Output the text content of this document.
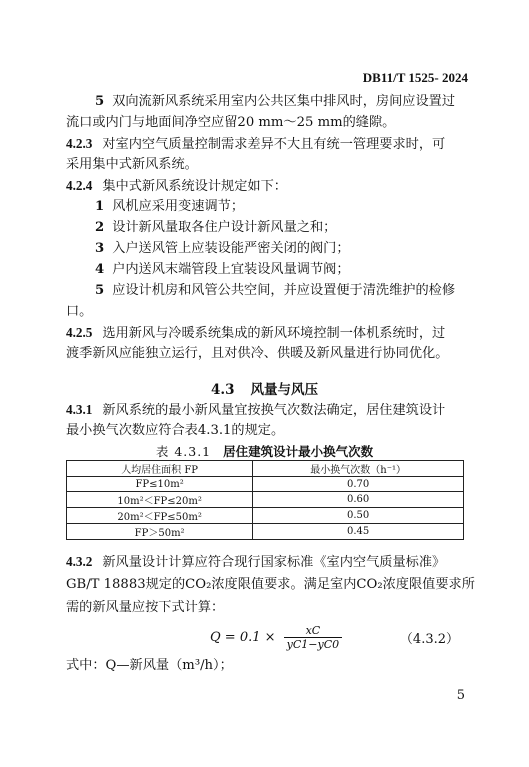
DB11/T 1525- 2024
5 双向流新风系统采用室内公共区集中排风时，房间应设置过
流口或内门与地面间净空应留20 mm～25 mm的缝隙。
4.2.3 对室内空气质量控制需求差异不大且有统一管理要求时，可
采用集中式新风系统。
4.2.4 集中式新风系统设计规定如下：
1 风机应采用变速调节；
2 设计新风量取各住户设计新风量之和；
3 入户送风管上应装设能严密关闭的阀门；
4 户内送风末端管段上宜装设风量调节阀；
5 应设计机房和风管公共空间，并应设置便于清洗维护的检修
口。
4.2.5 选用新风与冷暖系统集成的新风环境控制一体机系统时，过
渡季新风应能独立运行，且对供冷、供暖及新风量进行协同优化。
4.3 风量与风压
4.3.1 新风系统的最小新风量宜按换气次数法确定，居住建筑设计
最小换气次数应符合表4.3.1的规定。
表 4.3.1 居住建筑设计最小换气次数
人均居住面积 FP	最小换气次数（h⁻¹）
FP≤10m²	0.70
10m²＜FP≤20m²	0.60
20m²＜FP≤50m²	0.50
FP＞50m²	0.45
4.3.2 新风量设计计算应符合现行国家标准《室内空气质量标准》
GB/T 18883规定的CO₂浓度限值要求。满足室内CO₂浓度限值要求所
需的新风量应按下式计算：
$Q = 0.1 \times \frac{xC}{yC1-yC0}$	（4.3.2）
式中：Q—新风量（m³/h）；
5
